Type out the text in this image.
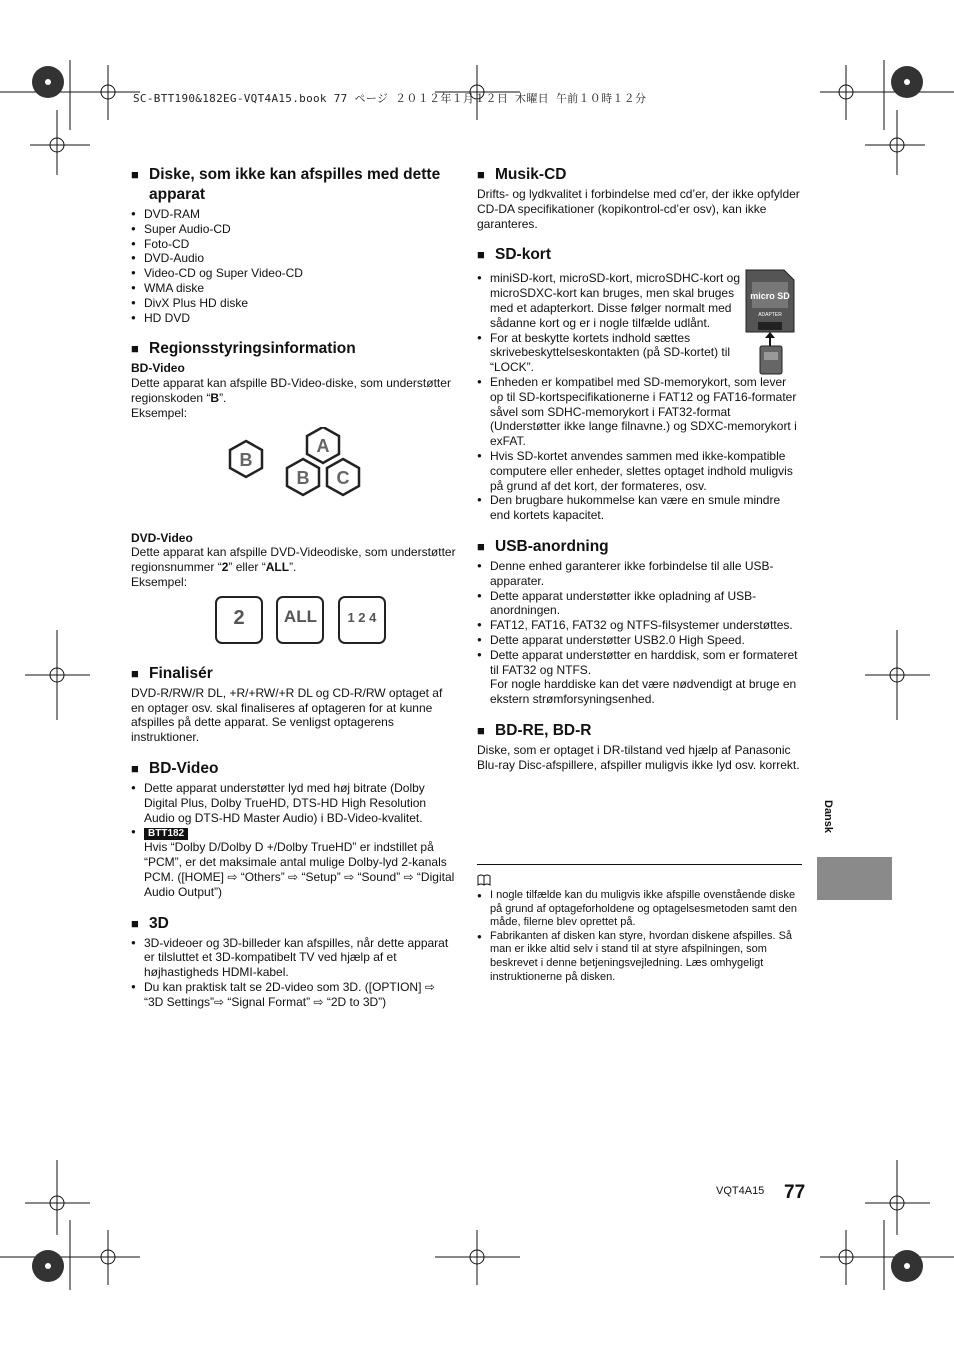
SC-BTT190&182EG-VQT4A15.book 77 ページ ２０１２年１月１２日 木曜日 午前１０時１２分
■ Diske, som ikke kan afspilles med dette apparat
● DVD-RAM
● Super Audio-CD
● Foto-CD
● DVD-Audio
● Video-CD og Super Video-CD
● WMA diske
● DivX Plus HD diske
● HD DVD
■ Regionsstyringsinformation
BD-Video

Dette apparat kan afspille BD-Video-diske, som understøtter regionskoden “B”.

Eksempel:

B
A
B C
DVD-Video

Dette apparat kan afspille DVD-Videodiske, som understøtter regionsnummer “2” eller “ALL”.

Eksempel:

2
	ALL
	1 2 4
■ Finalisér

DVD-R/RW/R DL, +R/+RW/+R DL og CD-R/RW optaget af en optager osv. skal finaliseres af optageren for at kunne afspilles på dette apparat. Se venligst optagerens instruktioner.

■ BD-Video
● Dette apparat understøtter lyd med høj bitrate (Dolby Digital Plus, Dolby TrueHD, DTS-HD High Resolution Audio og DTS-HD Master Audio) i BD-Video-kvalitet.
● BTT182
Hvis “Dolby D/Dolby D +/Dolby TrueHD” er indstillet på “PCM”, er det maksimale antal mulige Dolby-lyd 2-kanals PCM. ([HOME] ⇨ “Others” ⇨ “Setup” ⇨ “Sound” ⇨ “Digital Audio Output”)
■ 3D
● 3D-videoer og 3D-billeder kan afspilles, når dette apparat er tilsluttet et 3D-kompatibelt TV ved hjælp af et højhastigheds HDMI-kabel.
● Du kan praktisk talt se 2D-video som 3D. ([OPTION] ⇨ “3D Settings”⇨ “Signal Format” ⇨ “2D to 3D”)
■ Musik-CD

Drifts- og lydkvalitet i forbindelse med cd’er, der ikke opfylder CD-DA specifikationer (kopikontrol-cd’er osv), kan ikke garanteres.

■ SD-kort
● miniSD-kort, microSD-kort, microSDHC-kort og microSDXC-kort kan bruges, men skal bruges med et adapterkort. Disse følger normalt med sådanne kort og er i nogle tilfælde udlånt.
● For at beskytte kortets indhold sættes skrivebeskyttelseskontakten (på SD-kortet) til “LOCK”.
● Enheden er kompatibel med SD-memorykort, som lever op til SD-kortspecifikationerne i FAT12 og FAT16-formater såvel som SDHC-memorykort i FAT32-format (Understøtter ikke lange filnavne.) og SDXC-memorykort i exFAT.
● Hvis SD-kortet anvendes sammen med ikke-kompatible computere eller enheder, slettes optaget indhold muligvis på grund af det kort, der formateres, osv.
● Den brugbare hukommelse kan være en smule mindre end kortets kapacitet.
■ USB-anordning
● Denne enhed garanterer ikke forbindelse til alle USB-apparater.
● Dette apparat understøtter ikke opladning af USB-anordningen.
● FAT12, FAT16, FAT32 og NTFS-filsystemer understøttes.
● Dette apparat understøtter USB2.0 High Speed.
● Dette apparat understøtter en harddisk, som er formateret til FAT32 og NTFS.
For nogle harddiske kan det være nødvendigt at bruge en ekstern strømforsyningsenhed.
■ BD-RE, BD-R

Diske, som er optaget i DR-tilstand ved hjælp af Panasonic Blu-ray Disc-afspillere, afspiller muligvis ikke lyd osv. korrekt.

micro SD
ADAPTER
● I nogle tilfælde kan du muligvis ikke afspille ovenstående diske på grund af optageforholdene og optagelsesmetoden samt den måde, filerne blev oprettet på.
● Fabrikanten af disken kan styre, hvordan diskene afspilles. Så man er ikke altid selv i stand til at styre afspilningen, som beskrevet i denne betjeningsvejledning. Læs omhygeligt instruktionerne på disken.
Dansk
VQT4A15 77
